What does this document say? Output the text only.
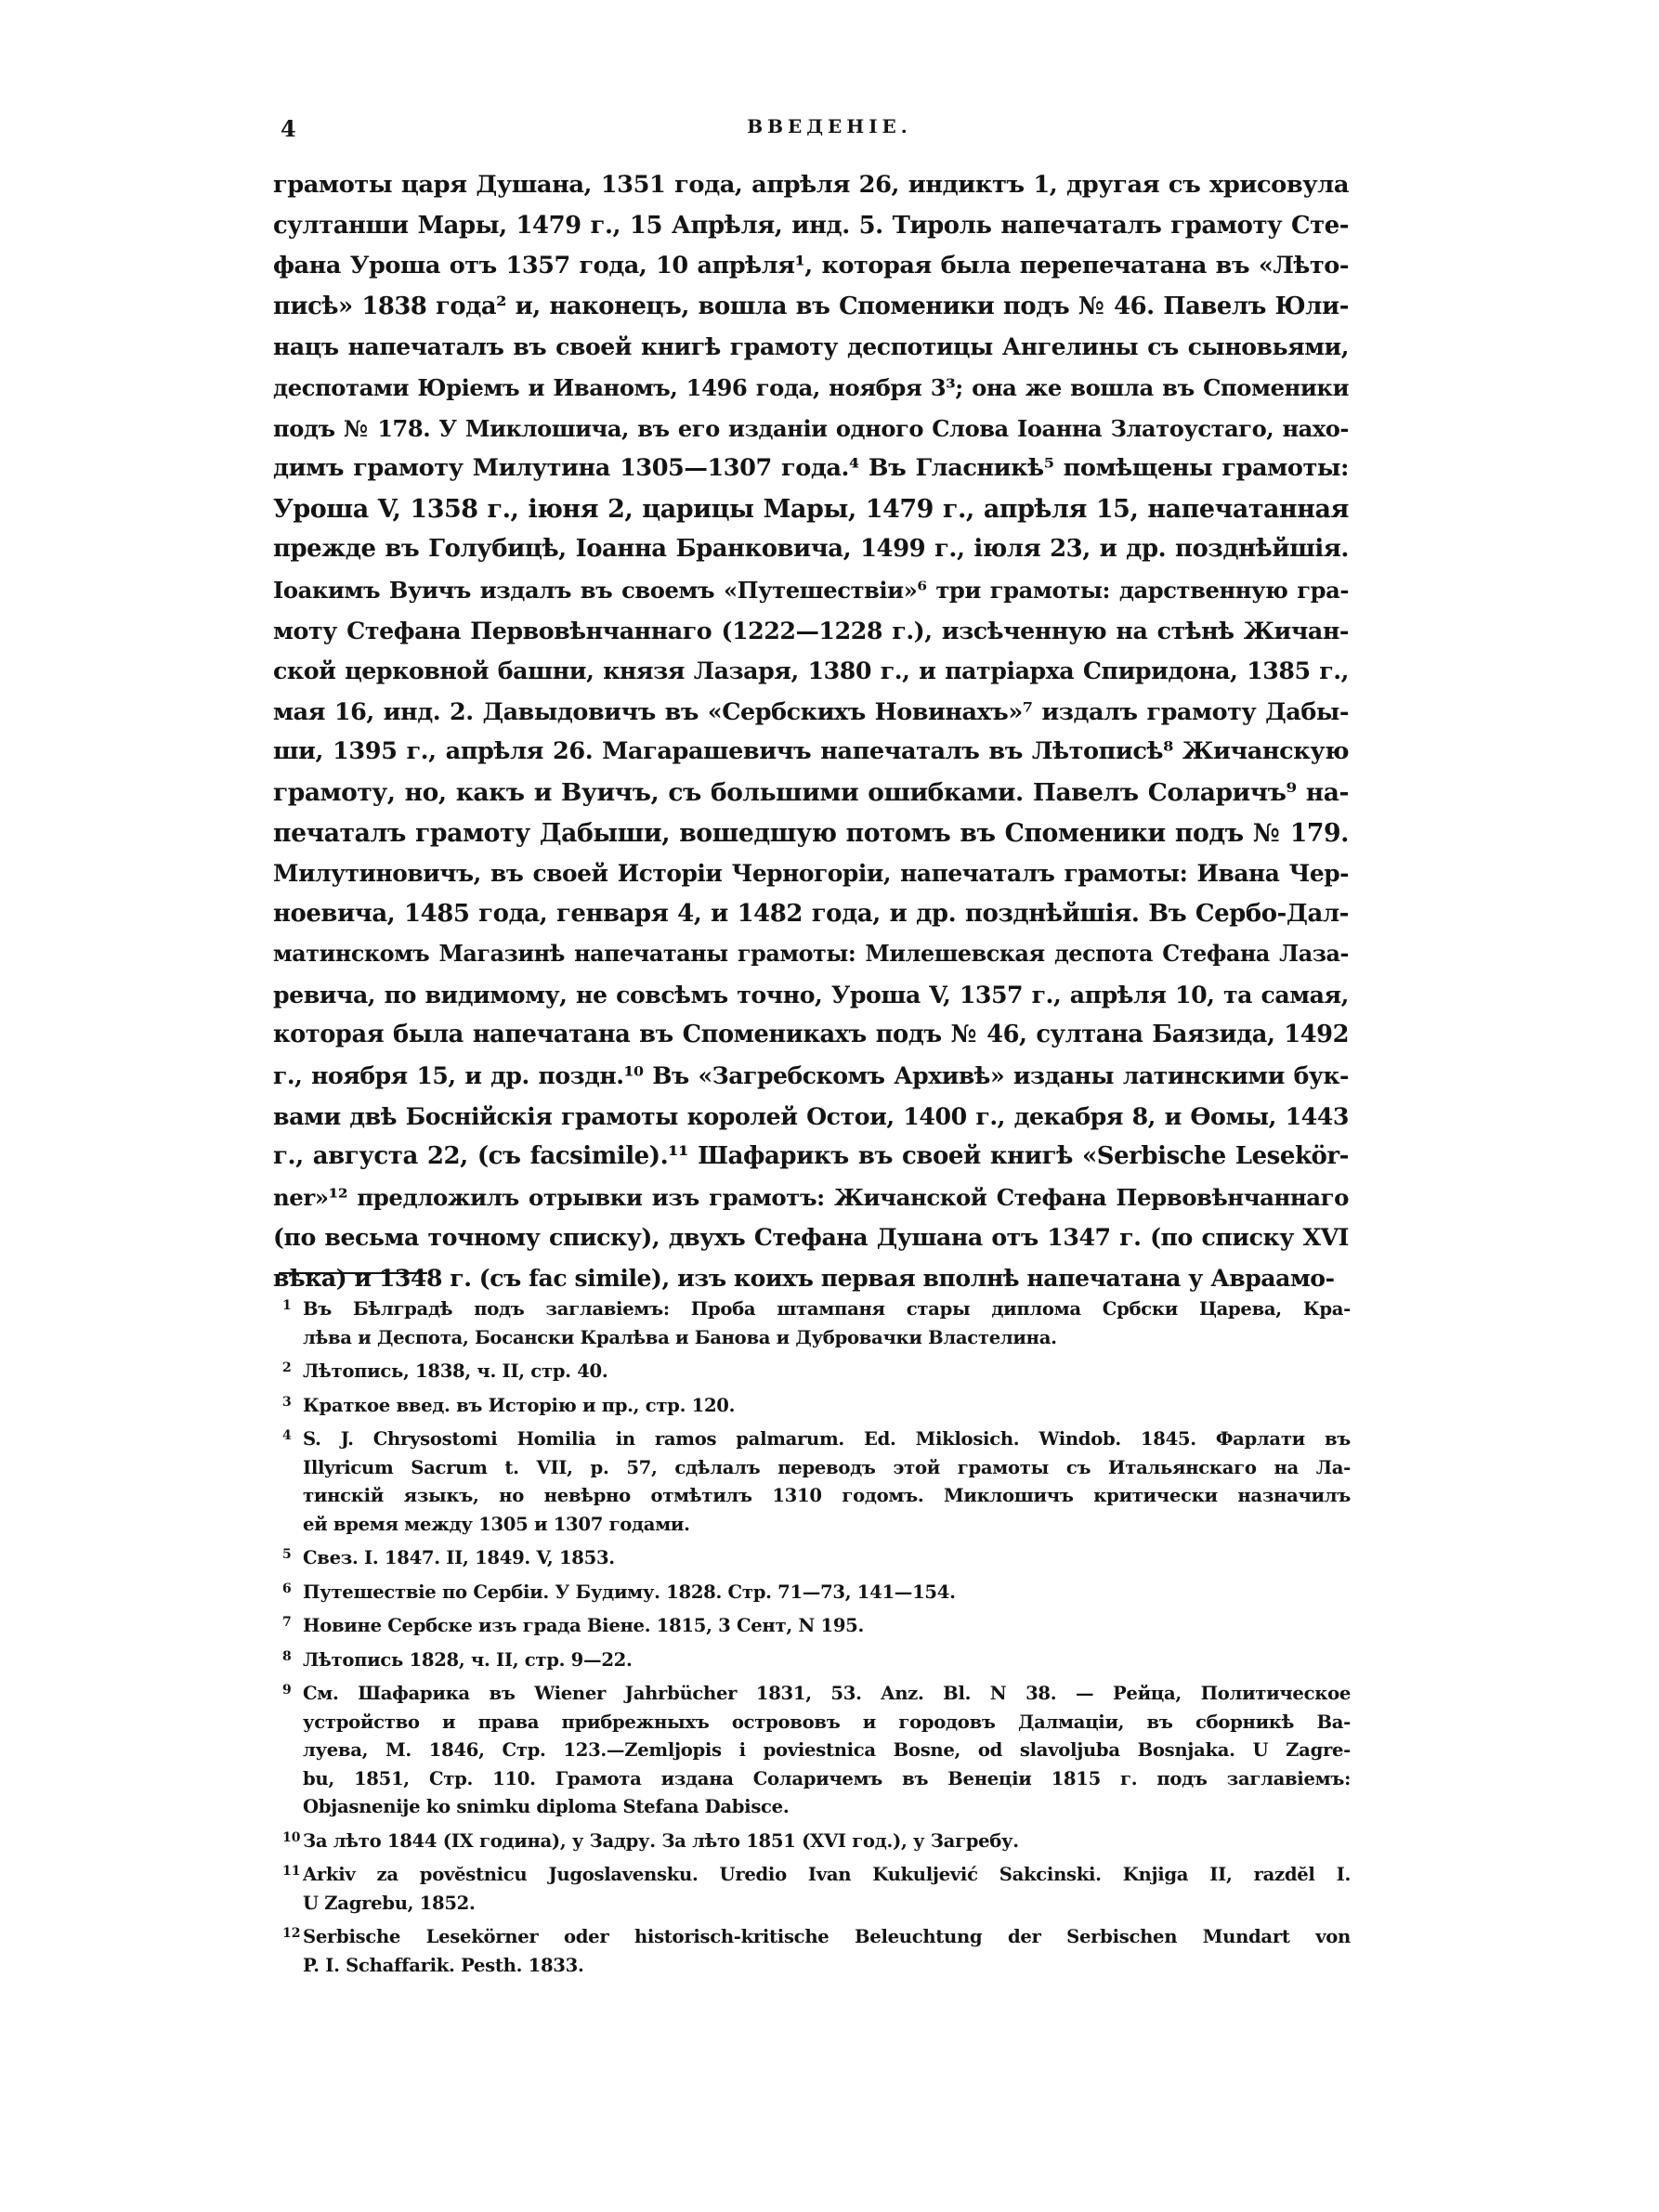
4	ВВЕДЕНІЕ.
грамоты царя Душана, 1351 года, апрѣля 26, индиктъ 1, другая съ хрисовула
султанши Мары, 1479 г., 15 Апрѣля, инд. 5. Тироль напечаталъ грамоту Сте-
фана Уроша отъ 1357 года, 10 апрѣля¹, которая была перепечатана въ «Лѣто-
писѣ» 1838 года² и, наконецъ, вошла въ Споменики подъ № 46. Павелъ Юли-
нацъ напечаталъ въ своей книгѣ грамоту деспотицы Ангелины съ сыновьями,
деспотами Юріемъ и Иваномъ, 1496 года, ноября 3³; она же вошла въ Споменики
подъ № 178. У Миклошича, въ его изданіи одного Слова Іоанна Златоустаго, нахо-
димъ грамоту Милутина 1305—1307 года.⁴ Въ Гласникѣ⁵ помѣщены грамоты:
Уроша V, 1358 г., іюня 2, царицы Мары, 1479 г., апрѣля 15, напечатанная
прежде въ Голубицѣ, Іоанна Бранковича, 1499 г., іюля 23, и др. позднѣйшія.
Іоакимъ Вуичъ издалъ въ своемъ «Путешествіи»⁶ три грамоты: дарственную гра-
моту Стефана Первовѣнчаннаго (1222—1228 г.), изсѣченную на стѣнѣ Жичан-
ской церковной башни, князя Лазаря, 1380 г., и патріарха Спиридона, 1385 г.,
мая 16, инд. 2. Давыдовичъ въ «Сербскихъ Новинахъ»⁷ издалъ грамоту Дабы-
ши, 1395 г., апрѣля 26. Магарашевичъ напечаталъ въ Лѣтописѣ⁸ Жичанскую
грамоту, но, какъ и Вуичъ, съ большими ошибками. Павелъ Соларичъ⁹ на-
печаталъ грамоту Дабыши, вошедшую потомъ въ Споменики подъ № 179.
Милутиновичъ, въ своей Исторіи Черногоріи, напечаталъ грамоты: Ивана Чер-
ноевича, 1485 года, генваря 4, и 1482 года, и др. позднѣйшія. Въ Сербо-Дал-
матинскомъ Магазинѣ напечатаны грамоты: Милешевская деспота Стефана Лаза-
ревича, по видимому, не совсѣмъ точно, Уроша V, 1357 г., апрѣля 10, та самая,
которая была напечатана въ Споменикахъ подъ № 46, султана Баязида, 1492
г., ноября 15, и др. поздн.¹⁰ Въ «Загребскомъ Архивѣ» изданы латинскими бук-
вами двѣ Боснійскія грамоты королей Остои, 1400 г., декабря 8, и Ѳомы, 1443
г., августа 22, (съ facsimile).¹¹ Шафарикъ въ своей книгѣ «Serbische Lesekör-
ner»¹² предложилъ отрывки изъ грамотъ: Жичанской Стефана Первовѣнчаннаго
(по весьма точному списку), двухъ Стефана Душана отъ 1347 г. (по списку XVI
вѣка) и 1348 г. (съ fac simile), изъ коихъ первая вполнѣ напечатана у Авраамо-
1 Въ Бѣлградѣ подъ заглавіемъ: Проба штампаня стары диплома Србски Царева, Кра-
лѣва и Деспота, Босански Кралѣва и Банова и Дубровачки Властелина.
2 Лѣтопись, 1838, ч. II, стр. 40.
3 Краткое введ. въ Исторію и пр., стр. 120.
4 S. J. Chrysostomi Homilia in ramos palmarum. Ed. Miklosich. Windob. 1845. Фарлати въ
Illyricum Sacrum t. VII, p. 57, сдѣлалъ переводъ этой грамоты съ Итальянскаго на Ла-
тинскій языкъ, но невѣрно отмѣтилъ 1310 годомъ. Миклошичъ критически назначилъ
ей время между 1305 и 1307 годами.
5 Свез. I. 1847. II, 1849. V, 1853.
6 Путешествіе по Сербіи. У Будиму. 1828. Стр. 71—73, 141—154.
7 Новине Сербске изъ града Віене. 1815, 3 Сент, N 195.
8 Лѣтопись 1828, ч. II, стр. 9—22.
9 См. Шафарика въ Wiener Jahrbücher 1831, 53. Anz. Bl. N 38. — Рейца, Политическое
устройство и права прибрежныхъ острововъ и городовъ Далмаціи, въ сборникѣ Ва-
луева, М. 1846, Стр. 123.—Zemljopis i poviestnica Bosne, od slavoljuba Bosnjaka. U Zagre-
bu, 1851, Стр. 110. Грамота издана Соларичемъ въ Венеціи 1815 г. подъ заглавіемъ:
Objasnenije ko snimku diploma Stefana Dabisce.
10 За лѣто 1844 (IX година), у Задру. За лѣто 1851 (XVI год.), у Загребу.
11 Arkiv za povĕstnicu Jugoslavensku. Uredio Ivan Kukuljević Sakcinski. Knjiga II, razdĕl I.
U Zagrebu, 1852.
12 Serbische Lesekörner oder historisch-kritische Beleuchtung der Serbischen Mundart von
P. I. Schaffarik. Pesth. 1833.
